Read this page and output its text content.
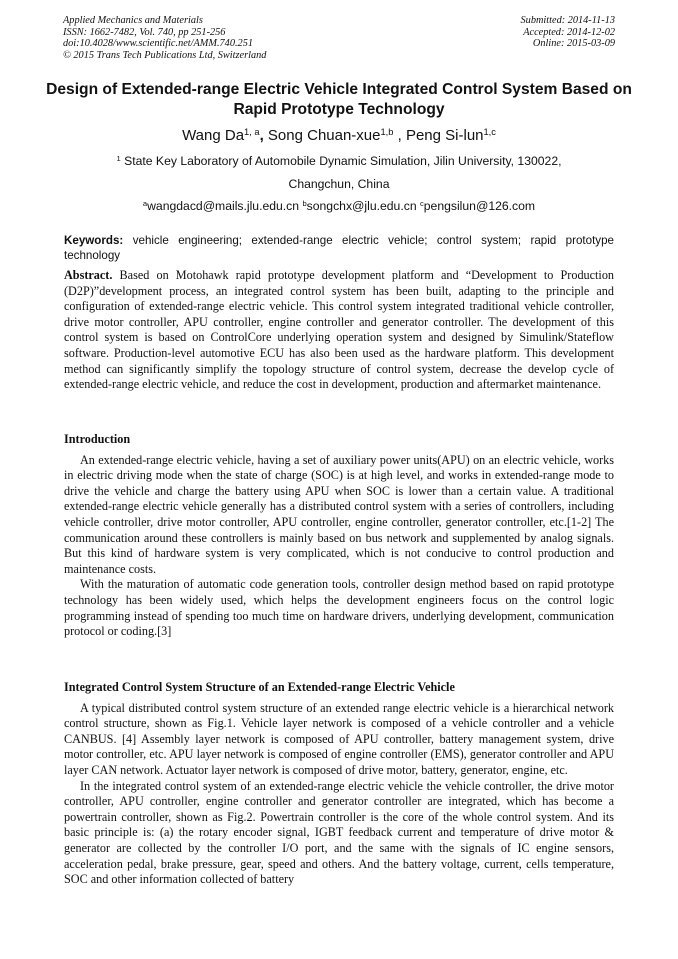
Applied Mechanics and Materials
ISSN: 1662-7482, Vol. 740, pp 251-256
doi:10.4028/www.scientific.net/AMM.740.251
© 2015 Trans Tech Publications Ltd, Switzerland
Submitted: 2014-11-13
Accepted: 2014-12-02
Online: 2015-03-09
Design of Extended-range Electric Vehicle Integrated Control System Based on Rapid Prototype Technology
Wang Da$^{1, a}$, Song Chuan-xue$^{1,b}$ , Peng Si-lun$^{1,c}$
$^1$ State Key Laboratory of Automobile Dynamic Simulation, Jilin University, 130022,
Changchun, China
$^a$wangdacd@mails.jlu.edu.cn $^b$songchx@jlu.edu.cn $^c$pengsilun@126.com
Keywords: vehicle engineering; extended-range electric vehicle; control system; rapid prototype technology

Abstract. Based on Motohawk rapid prototype development platform and “Development to Production (D2P)”development process, an integrated control system has been built, adapting to the principle and configuration of extended-range electric vehicle. This control system integrated traditional vehicle controller, drive motor controller, APU controller, engine controller and generator controller. The development of this control system is based on ControlCore underlying operation system and designed by Simulink/Stateflow software. Production-level automotive ECU has also been used as the hardware platform. This development method can significantly simplify the topology structure of control system, decrease the develop cycle of extended-range electric vehicle, and reduce the cost in development, production and aftermarket maintenance.

Introduction

An extended-range electric vehicle, having a set of auxiliary power units(APU) on an electric vehicle, works in electric driving mode when the state of charge (SOC) is at high level, and works in extended-range mode to drive the vehicle and charge the battery using APU when SOC is lower than a certain value. A traditional extended-range electric vehicle generally has a distributed control system with a series of controllers, including vehicle controller, drive motor controller, APU controller, engine controller, generator controller, etc.[1-2] The communication around these controllers is mainly based on bus network and supplemented by analog signals. But this kind of hardware system is very complicated, which is not conducive to control production and maintenance costs.

With the maturation of automatic code generation tools, controller design method based on rapid prototype technology has been widely used, which helps the development engineers focus on the control logic programming instead of spending too much time on hardware drivers, underlying development, communication protocol or coding.[3]

Integrated Control System Structure of an Extended-range Electric Vehicle

A typical distributed control system structure of an extended range electric vehicle is a hierarchical network control structure, shown as Fig.1. Vehicle layer network is composed of a vehicle controller and a vehicle CANBUS. [4] Assembly layer network is composed of APU controller, battery management system, drive motor controller, etc. APU layer network is composed of engine controller (EMS), generator controller and APU layer CAN network. Actuator layer network is composed of drive motor, battery, generator, engine, etc.

In the integrated control system of an extended-range electric vehicle the vehicle controller, the drive motor controller, APU controller, engine controller and generator controller are integrated, which has become a powertrain controller, shown as Fig.2. Powertrain controller is the core of the whole control system. And its basic principle is: (a) the rotary encoder signal, IGBT feedback current and temperature of drive motor & generator are collected by the controller I/O port, and the same with the signals of IC engine sensors, acceleration pedal, brake pressure, gear, speed and others. And the battery voltage, current, cells temperature, SOC and other information collected of battery
